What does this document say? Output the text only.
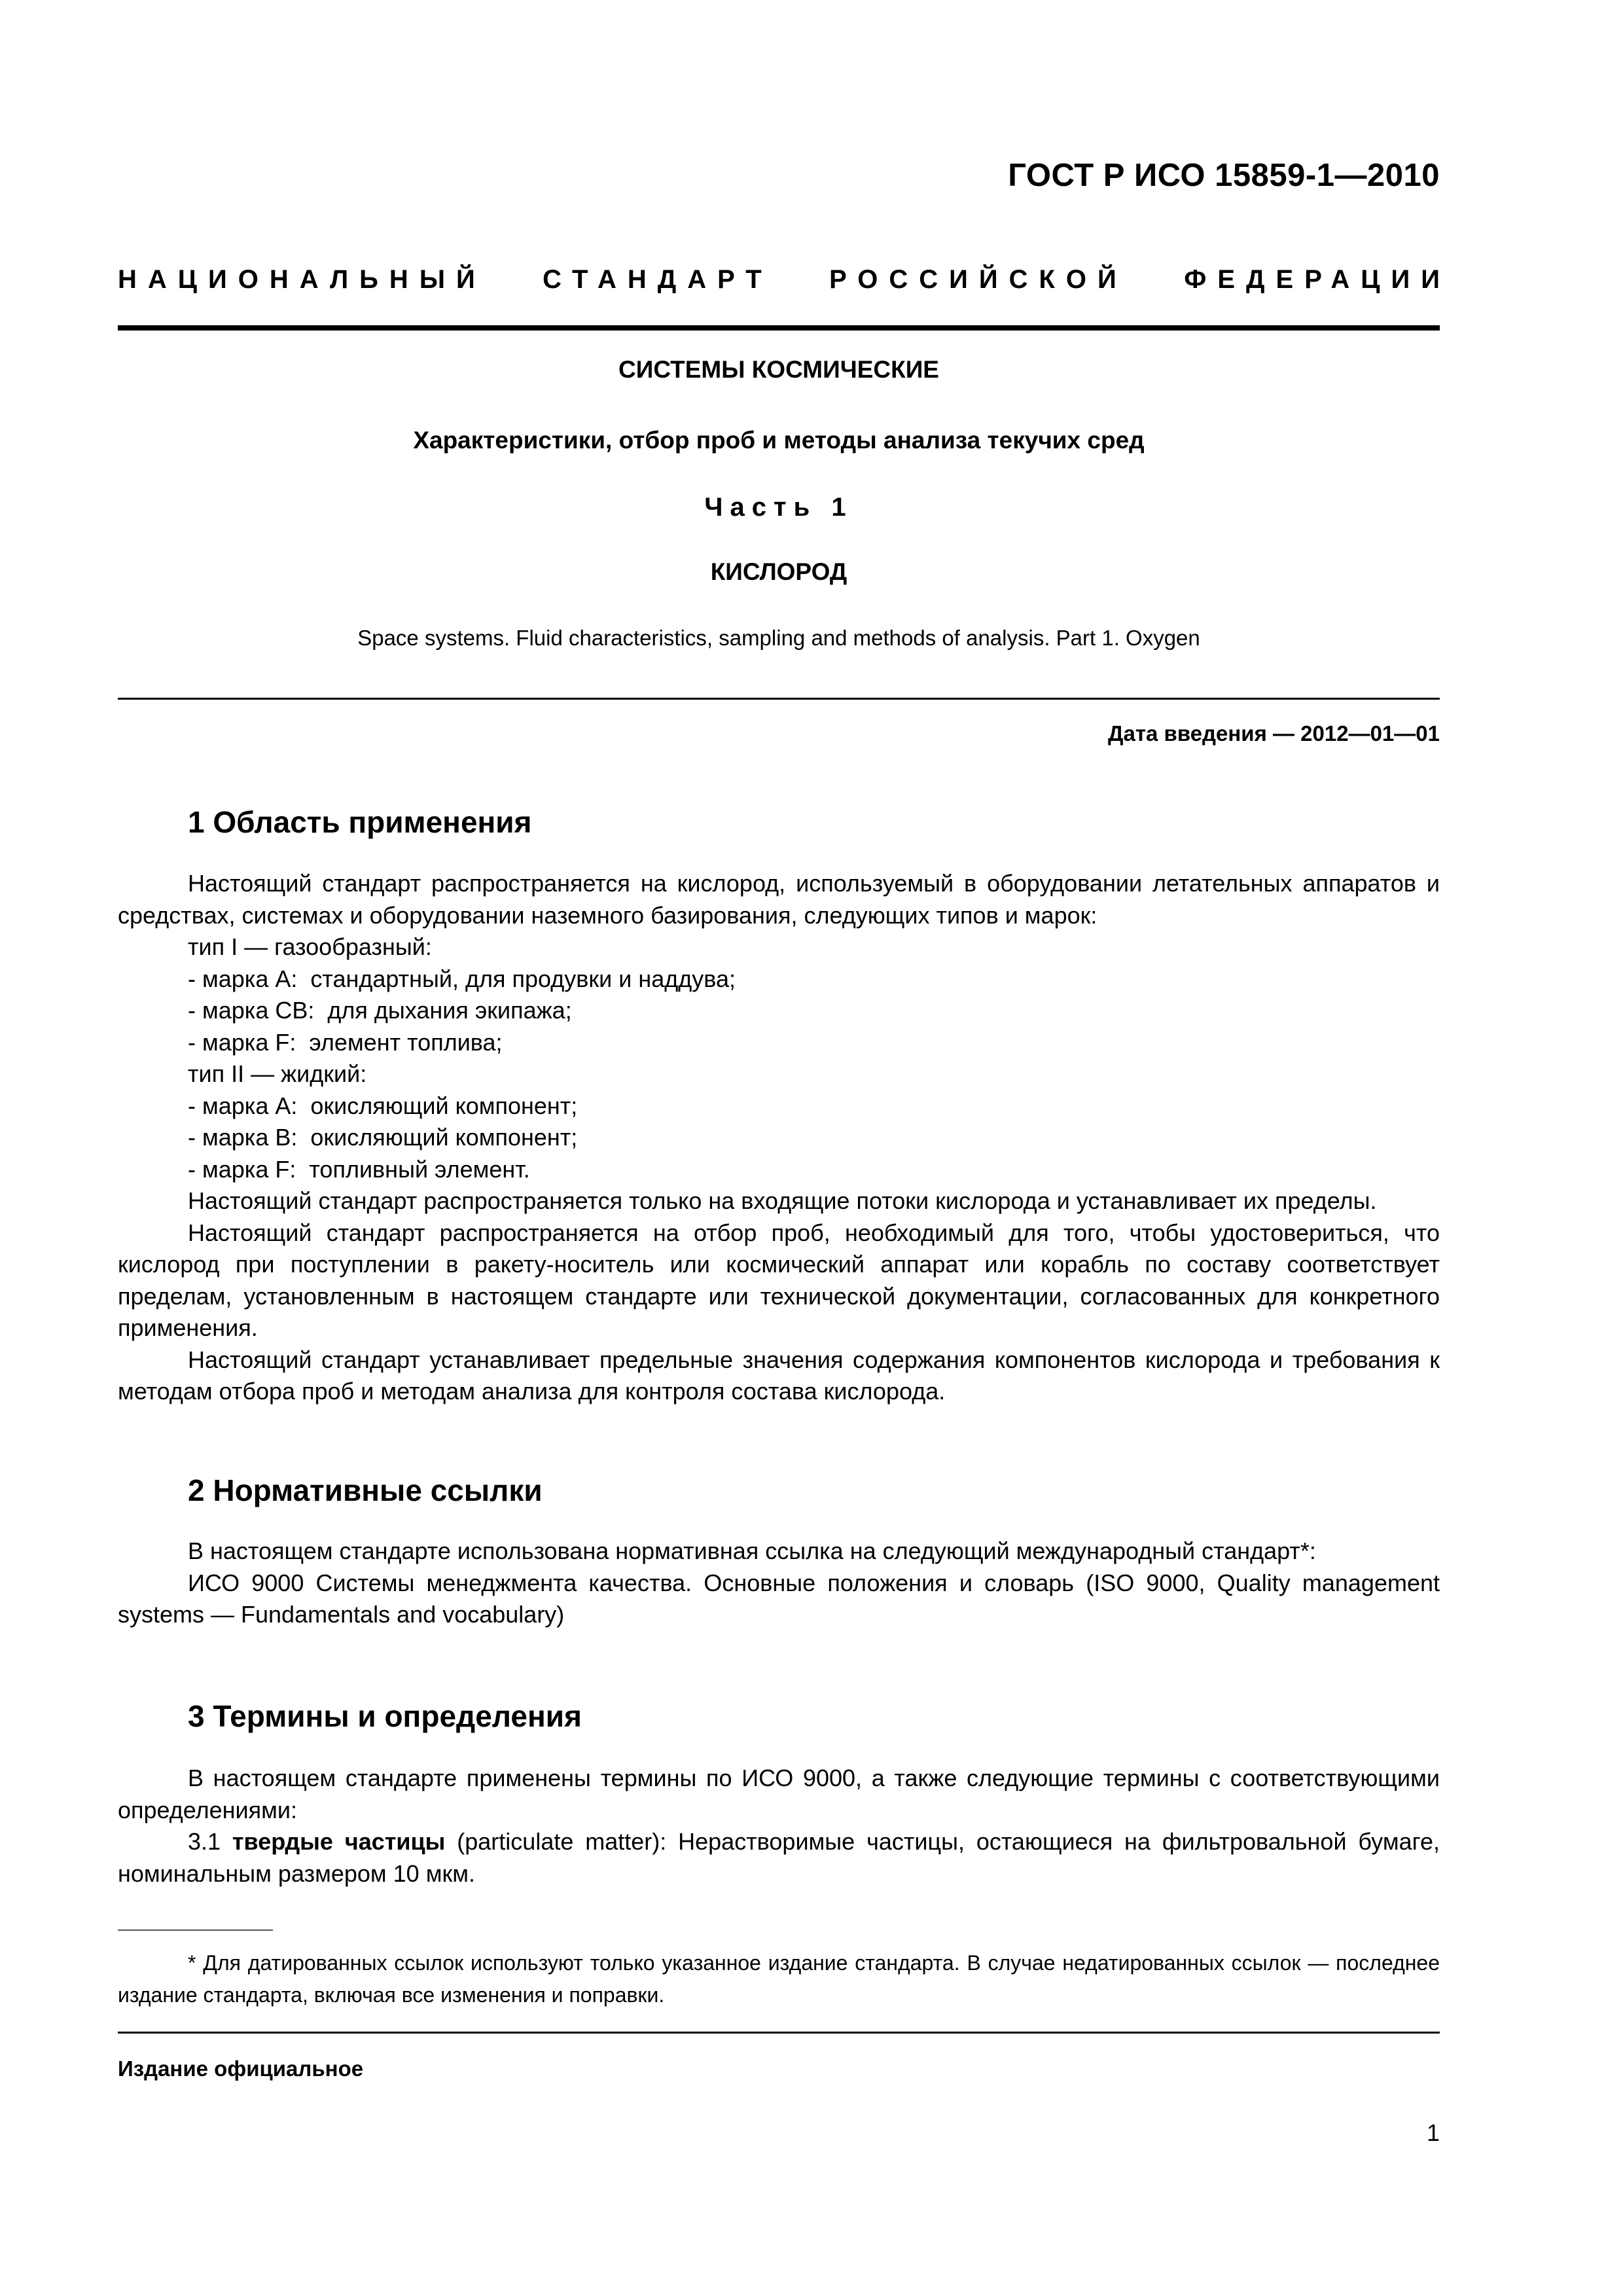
ГОСТ Р ИСО 15859-1—2010
НАЦИОНАЛЬНЫЙ СТАНДАРТ РОССИЙСКОЙ ФЕДЕРАЦИИ
СИСТЕМЫ КОСМИЧЕСКИЕ
Характеристики, отбор проб и методы анализа текучих сред
Часть 1
КИСЛОРОД
Space systems. Fluid characteristics, sampling and methods of analysis. Part 1. Oxygen
Дата введения — 2012—01—01
1 Область применения

Настоящий стандарт распространяется на кислород, используемый в оборудовании летательных аппаратов и средствах, системах и оборудовании наземного базирования, следующих типов и марок:

тип I — газообразный:

- марка A:  стандартный, для продувки и наддува;

- марка CB:  для дыхания экипажа;

- марка F:  элемент топлива;

тип II — жидкий:

- марка A:  окисляющий компонент;

- марка B:  окисляющий компонент;

- марка F:  топливный элемент.

Настоящий стандарт распространяется только на входящие потоки кислорода и устанавливает их пределы.

Настоящий стандарт распространяется на отбор проб, необходимый для того, чтобы удостовериться, что кислород при поступлении в ракету-носитель или космический аппарат или корабль по составу соответствует пределам, установленным в настоящем стандарте или технической документации, согласованных для конкретного применения.

Настоящий стандарт устанавливает предельные значения содержания компонентов кислорода и требования к методам отбора проб и методам анализа для контроля состава кислорода.

2 Нормативные ссылки

В настоящем стандарте использована нормативная ссылка на следующий международный стандарт*:

ИСО 9000 Системы менеджмента качества. Основные положения и словарь (ISO 9000, Quality management systems — Fundamentals and vocabulary)

3 Термины и определения

В настоящем стандарте применены термины по ИСО 9000, а также следующие термины с соответствующими определениями:

3.1 твердые частицы (particulate matter): Нерастворимые частицы, остающиеся на фильтровальной бумаге, номинальным размером 10 мкм.

* Для датированных ссылок используют только указанное издание стандарта. В случае недатированных ссылок — последнее издание стандарта, включая все изменения и поправки.

Издание официальное
1
